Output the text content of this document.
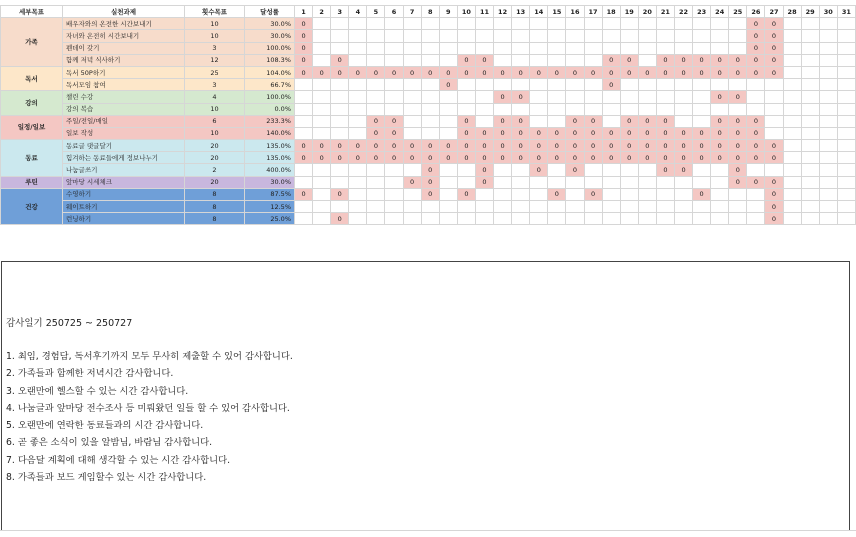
세부목표	실천과제	횟수목표	달성률	1	2	3	4	5	6	7	8	9	10	11	12	13	14	15	16	17	18	19	20	21	22	23	24	25	26	27	28	29	30	31
가족	배우자와의 온전한 시간보내기	10	30.0%	0																									0	0				
	자녀와 온전히 시간보내기	10	30.0%	0																									0	0				
	펜데이 갖기	3	100.0%	0																									0	0				
	함께 저녁 식사하기	12	108.3%	0		0							0	0							0	0		0	0	0	0	0	0	0				
독서	독서 50P하기	25	104.0%	0	0	0	0	0	0	0	0	0	0	0	0	0	0	0	0	0	0	0	0	0	0	0	0	0	0	0				
	독서모임 참여	3	66.7%									0									0													
강의	챌린 수강	4	100.0%												0	0											0	0						
	강의 복습	10	0.0%																															
일정/일보	주일/전일/매일	6	233.3%					0	0				0		0	0			0	0		0	0	0			0	0	0					
	일보 작성	10	140.0%					0	0				0	0	0	0	0	0	0	0	0	0	0	0	0	0	0	0	0					
동료	동료글 댓글달기	20	135.0%	0	0	0	0	0	0	0	0	0	0	0	0	0	0	0	0	0	0	0	0	0	0	0	0	0	0	0				
	힘겨하는 동료들에게 정보나누기	20	135.0%	0	0	0	0	0	0	0	0	0	0	0	0	0	0	0	0	0	0	0	0	0	0	0	0	0	0	0				
	나눔글쓰기	2	400.0%								0			0			0		0					0	0			0						
루틴	앞마당 시세체크	20	30.0%							0	0			0														0	0	0				
건강	수영하기	8	87.5%	0		0					0		0					0		0						0				0				
	웨이트하기	8	12.5%																											0				
	런닝하기	8	25.0%			0																								0				
감사일기 250725 ~ 250727
1. 최임, 경험담, 독서후기까지 모두 무사히 제출할 수 있어 감사합니다.
2. 가족들과 함께한 저녁시간 감사합니다.
3. 오랜만에 헬스할 수 있는 시간 감사합니다.
4. 나눔글과 앞마당 전수조사 등 미뤄왔던 일들 할 수 있어 감사합니다.
5. 오랜만에 연락한 동료들과의 시간 감사합니다.
6. 곧 좋은 소식이 있을 알밤님, 바람님 감사합니다.
7. 다음달 계획에 대해 생각할 수 있는 시간 감사합니다.
8. 가족들과 보드 게임할수 있는 시간 감사합니다.
